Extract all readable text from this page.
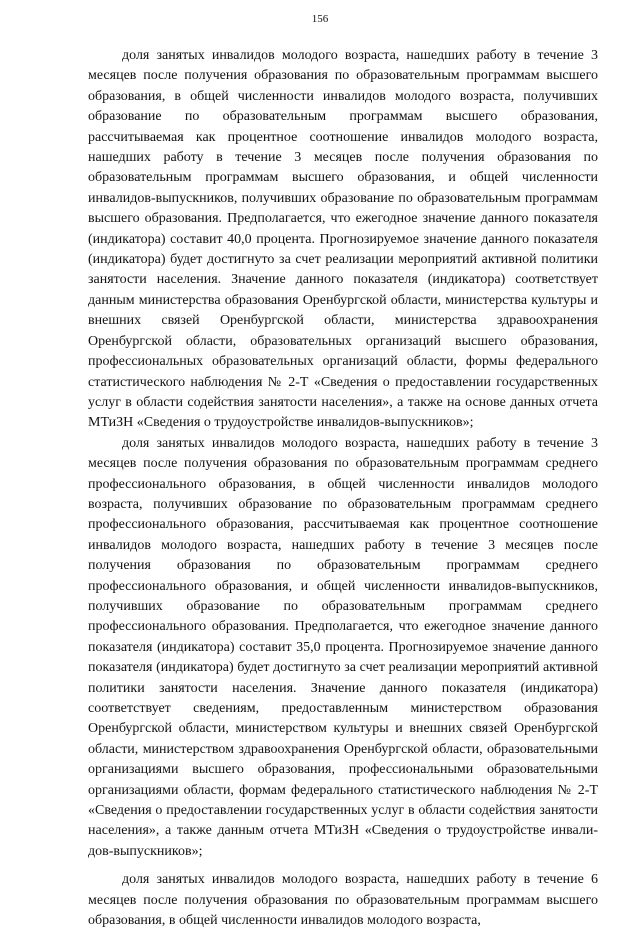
156

доля занятых инвалидов молодого возраста, нашедших работу в течение 3 месяцев после получения образования по образовательным программам высшего образования, в общей численности инвалидов молодого возраста, получивших образование по образовательным программам высшего образования, рассчитываемая как процентное соотношение инвалидов молодого возраста, нашедших работу в течение 3 месяцев после получения образования по образовательным программам высшего образования, и общей численности инвалидов-выпускников, получивших образование по образовательным программам высшего образования. Предполагается, что ежегодное значение данного показателя (индикатора) составит 40,0 процента. Прогнозируемое значение данного показателя (индикатора) будет достигнуто за счет реализации мероприятий активной политики занятости населения. Значение данного показателя (индикатора) соответствует данным министерства образования Оренбургской области, министерства культуры и внешних связей Оренбургской области, министерства здравоохранения Оренбургской области, образовательных организаций высшего образования, профессиональных образовательных организаций области, формы федерального статистического наблюдения № 2-Т «Сведения о предоставлении государственных услуг в области содействия занятости населения», а также на основе данных отчета МТиЗН «Сведения о трудоустройстве инвалидов-выпускников»;

доля занятых инвалидов молодого возраста, нашедших работу в течение 3 месяцев после получения образования по образовательным программам среднего профессионального образования, в общей численности инвалидов молодого возраста, получивших образование по образовательным программам среднего профессионального образования, рассчитываемая как процентное соотношение инвалидов молодого возраста, нашедших работу в течение 3 месяцев после получения образования по образовательным программам среднего профессионального образования, и общей численности инвалидов-выпускников, получивших образование по образовательным программам среднего профессионального образования. Предполагается, что ежегодное значение данного показателя (индикатора) составит 35,0 процента. Прогнозируемое значение данного показателя (индикатора) будет достигнуто за счет реализации мероприятий активной политики занятости населения. Значение данного показателя (индикатора) соответствует сведениям, предоставленным министерством образования Оренбургской области, министерством культуры и внешних связей Оренбургской области, министерством здравоохранения Оренбургской области, образовательными организациями высшего образования, профессиональными образовательными организациями области, формам федерального статистического наблюдения № 2-Т «Сведения о предоставлении государственных услуг в области содействия занятости населения», а также данным отчета МТиЗН «Сведения о трудоустройстве инвалидов-выпускников»;

доля занятых инвалидов молодого возраста, нашедших работу в течение 6 месяцев после получения образования по образовательным программам высшего образования, в общей численности инвалидов молодого возраста,
